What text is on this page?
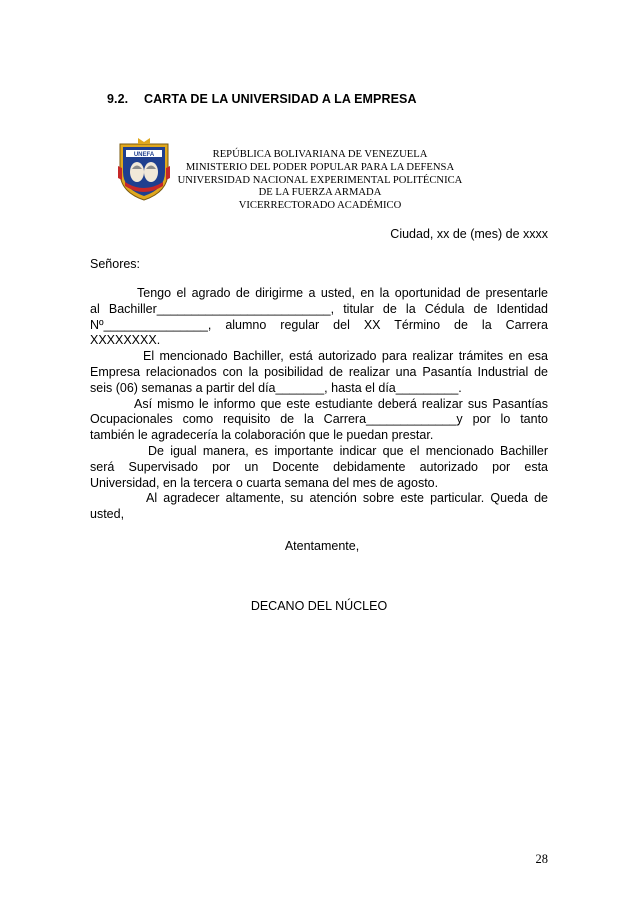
9.2. CARTA DE LA UNIVERSIDAD A LA EMPRESA
UNEFA	REPÚBLICA BOLIVARIANA DE VENEZUELA
MINISTERIO DEL PODER POPULAR PARA LA DEFENSA
UNIVERSIDAD NACIONAL EXPERIMENTAL POLITÉCNICA
DE LA FUERZA ARMADA
VICERRECTORADO ACADÉMICO
Ciudad, xx de (mes) de xxxx
Señores:

Tengo el agrado de dirigirme a usted, en la oportunidad de presentarle

al Bachiller_________________________, titular de la Cédula de Identidad

Nº_______________, alumno regular del XX Término de la Carrera

XXXXXXXX.

El mencionado Bachiller, está autorizado para realizar trámites en esa

Empresa relacionados con la posibilidad de realizar una Pasantía Industrial de

seis (06) semanas a partir del día_______, hasta el día_________.

Así mismo le informo que este estudiante deberá realizar sus Pasantías

Ocupacionales como requisito de la Carrera_____________y por lo tanto

también le agradecería la colaboración que le puedan prestar.

De igual manera, es importante indicar que el mencionado Bachiller

será Supervisado por un Docente debidamente autorizado por esta

Universidad, en la tercera o cuarta semana del mes de agosto.

Al agradecer altamente, su atención sobre este particular. Queda de

usted,

Atentamente,
DECANO DEL NÚCLEO
28
